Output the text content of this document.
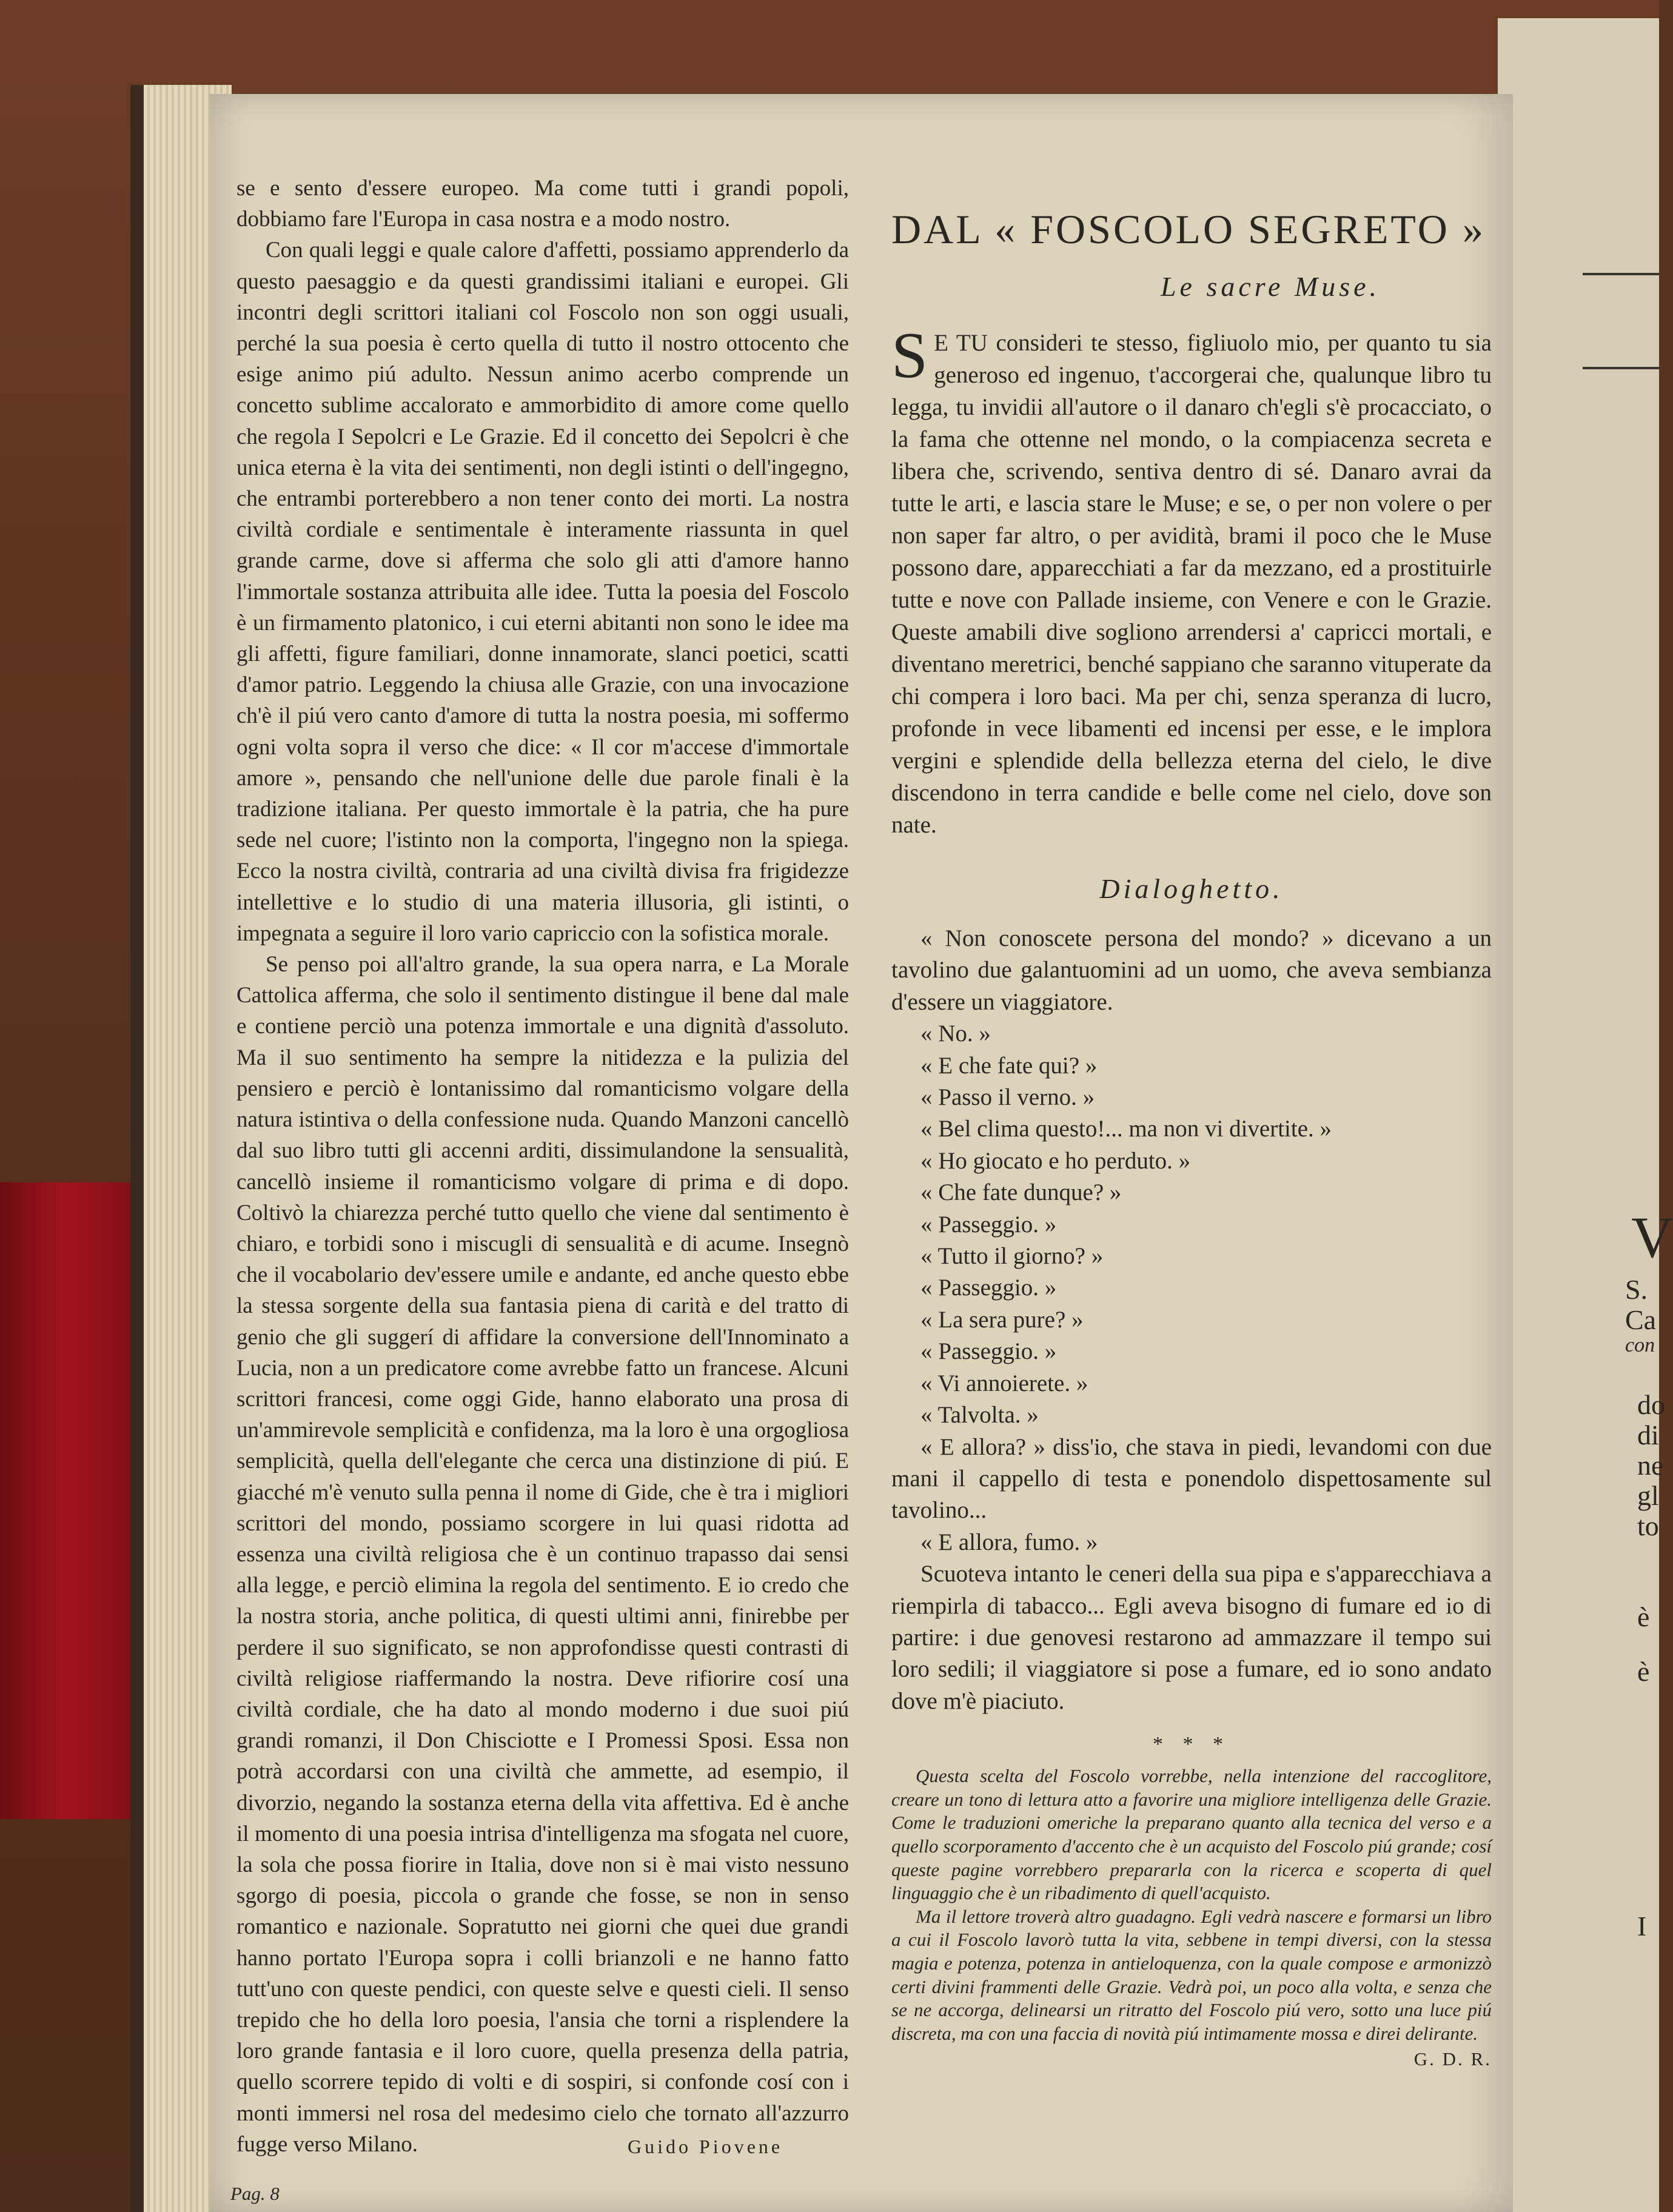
V
S.
Ca
con
do
di
ne
gl
to
è
è
I

se e sento d'essere europeo. Ma come tutti i grandi popoli, dobbiamo fare l'Europa in casa nostra e a modo nostro.

Con quali leggi e quale calore d'affetti, possiamo apprenderlo da questo paesaggio e da questi grandissimi italiani e europei. Gli incontri degli scrittori italiani col Foscolo non son oggi usuali, perché la sua poesia è certo quella di tutto il nostro ottocento che esige animo piú adulto. Nessun animo acerbo comprende un concetto sublime accalorato e ammorbidito di amore come quello che regola I Sepolcri e Le Grazie. Ed il concetto dei Sepolcri è che unica eterna è la vita dei sentimenti, non degli istinti o dell'ingegno, che entrambi porterebbero a non tener conto dei morti. La nostra civiltà cordiale e sentimentale è interamente riassunta in quel grande carme, dove si afferma che solo gli atti d'amore hanno l'immortale sostanza attribuita alle idee. Tutta la poesia del Foscolo è un firmamento platonico, i cui eterni abitanti non sono le idee ma gli affetti, figure familiari, donne innamorate, slanci poetici, scatti d'amor patrio. Leggendo la chiusa alle Grazie, con una invocazione ch'è il piú vero canto d'amore di tutta la nostra poesia, mi soffermo ogni volta sopra il verso che dice: « Il cor m'accese d'immortale amore », pensando che nell'unione delle due parole finali è la tradizione italiana. Per questo immortale è la patria, che ha pure sede nel cuore; l'istinto non la comporta, l'ingegno non la spiega. Ecco la nostra civiltà, contraria ad una civiltà divisa fra frigidezze intellettive e lo studio di una materia illusoria, gli istinti, o impegnata a seguire il loro vario capriccio con la sofistica morale.

Se penso poi all'altro grande, la sua opera narra, e La Morale Cattolica afferma, che solo il sentimento distingue il bene dal male e contiene perciò una potenza immortale e una dignità d'assoluto. Ma il suo sentimento ha sempre la nitidezza e la pulizia del pensiero e perciò è lontanissimo dal romanticismo volgare della natura istintiva o della confessione nuda. Quando Manzoni cancellò dal suo libro tutti gli accenni arditi, dissimulandone la sensualità, cancellò insieme il romanticismo volgare di prima e di dopo. Coltivò la chiarezza perché tutto quello che viene dal sentimento è chiaro, e torbidi sono i miscugli di sensualità e di acume. Insegnò che il vocabolario dev'essere umile e andante, ed anche questo ebbe la stessa sorgente della sua fantasia piena di carità e del tratto di genio che gli suggerí di affidare la conversione dell'Innominato a Lucia, non a un predicatore come avrebbe fatto un francese. Alcuni scrittori francesi, come oggi Gide, hanno elaborato una prosa di un'ammirevole semplicità e confidenza, ma la loro è una orgogliosa semplicità, quella dell'elegante che cerca una distinzione di piú. E giacché m'è venuto sulla penna il nome di Gide, che è tra i migliori scrittori del mondo, possiamo scorgere in lui quasi ridotta ad essenza una civiltà religiosa che è un continuo trapasso dai sensi alla legge, e perciò elimina la regola del sentimento. E io credo che la nostra storia, anche politica, di questi ultimi anni, finirebbe per perdere il suo significato, se non approfondisse questi contrasti di civiltà religiose riaffermando la nostra. Deve rifiorire cosí una civiltà cordiale, che ha dato al mondo moderno i due suoi piú grandi romanzi, il Don Chisciotte e I Promessi Sposi. Essa non potrà accordarsi con una civiltà che ammette, ad esempio, il divorzio, negando la sostanza eterna della vita affettiva. Ed è anche il momento di una poesia intrisa d'intelligenza ma sfogata nel cuore, la sola che possa fiorire in Italia, dove non si è mai visto nessuno sgorgo di poesia, piccola o grande che fosse, se non in senso romantico e nazionale. Sopratutto nei giorni che quei due grandi hanno portato l'Europa sopra i colli brianzoli e ne hanno fatto tutt'uno con queste pendici, con queste selve e questi cieli. Il senso trepido che ho della loro poesia, l'ansia che torni a risplendere la loro grande fantasia e il loro cuore, quella presenza della patria, quello scorrere tepido di volti e di sospiri, si confonde cosí con i monti immersi nel rosa del medesimo cielo che tornato all'azzurro fugge verso Milano.	Guido Piovene
Pag. 8
DAL « FOSCOLO SEGRETO »
Le sacre Muse.
S E TU consideri te stesso, figliuolo mio, per quanto tu sia generoso ed ingenuo, t'accorgerai che, qualunque libro tu legga, tu invidii all'autore o il danaro ch'egli s'è procacciato, o la fama che ottenne nel mondo, o la compiacenza secreta e libera che, scrivendo, sentiva dentro di sé. Danaro avrai da tutte le arti, e lascia stare le Muse; e se, o per non volere o per non saper far altro, o per avidità, brami il poco che le Muse possono dare, apparecchiati a far da mezzano, ed a prostituirle tutte e nove con Pallade insieme, con Venere e con le Grazie. Queste amabili dive sogliono arrendersi a' capricci mortali, e diventano meretrici, benché sappiano che saranno vituperate da chi compera i loro baci. Ma per chi, senza speranza di lucro, profonde in vece libamenti ed incensi per esse, e le implora vergini e splendide della bellezza eterna del cielo, le dive discendono in terra candide e belle come nel cielo, dove son nate.
Dialoghetto.

« Non conoscete persona del mondo? » dicevano a un tavolino due galantuomini ad un uomo, che aveva sembianza d'essere un viaggiatore.

« No. »

« E che fate qui? »

« Passo il verno. »

« Bel clima questo!... ma non vi divertite. »

« Ho giocato e ho perduto. »

« Che fate dunque? »

« Passeggio. »

« Tutto il giorno? »

« Passeggio. »

« La sera pure? »

« Passeggio. »

« Vi annoierete. »

« Talvolta. »

« E allora? » diss'io, che stava in piedi, levandomi con due mani il cappello di testa e ponendolo dispettosamente sul tavolino...

« E allora, fumo. »

Scuoteva intanto le ceneri della sua pipa e s'apparecchiava a riempirla di tabacco... Egli aveva bisogno di fumare ed io di partire: i due genovesi restarono ad ammazzare il tempo sui loro sedili; il viaggiatore si pose a fumare, ed io sono andato dove m'è piaciuto.

* * *

Questa scelta del Foscolo vorrebbe, nella intenzione del raccoglitore, creare un tono di lettura atto a favorire una migliore intelligenza delle Grazie. Come le traduzioni omeriche la preparano quanto alla tecnica del verso e a quello scorporamento d'accento che è un acquisto del Foscolo piú grande; cosí queste pagine vorrebbero prepararla con la ricerca e scoperta di quel linguaggio che è un ribadimento di quell'acquisto.

Ma il lettore troverà altro guadagno. Egli vedrà nascere e formarsi un libro a cui il Foscolo lavorò tutta la vita, sebbene in tempi diversi, con la stessa magia e potenza, potenza in antieloquenza, con la quale compose e armonizzò certi divini frammenti delle Grazie. Vedrà poi, un poco alla volta, e senza che se ne accorga, delinearsi un ritratto del Foscolo piú vero, sotto una luce piú discreta, ma con una faccia di novità piú intimamente mossa e direi delirante.

G. D. R.
